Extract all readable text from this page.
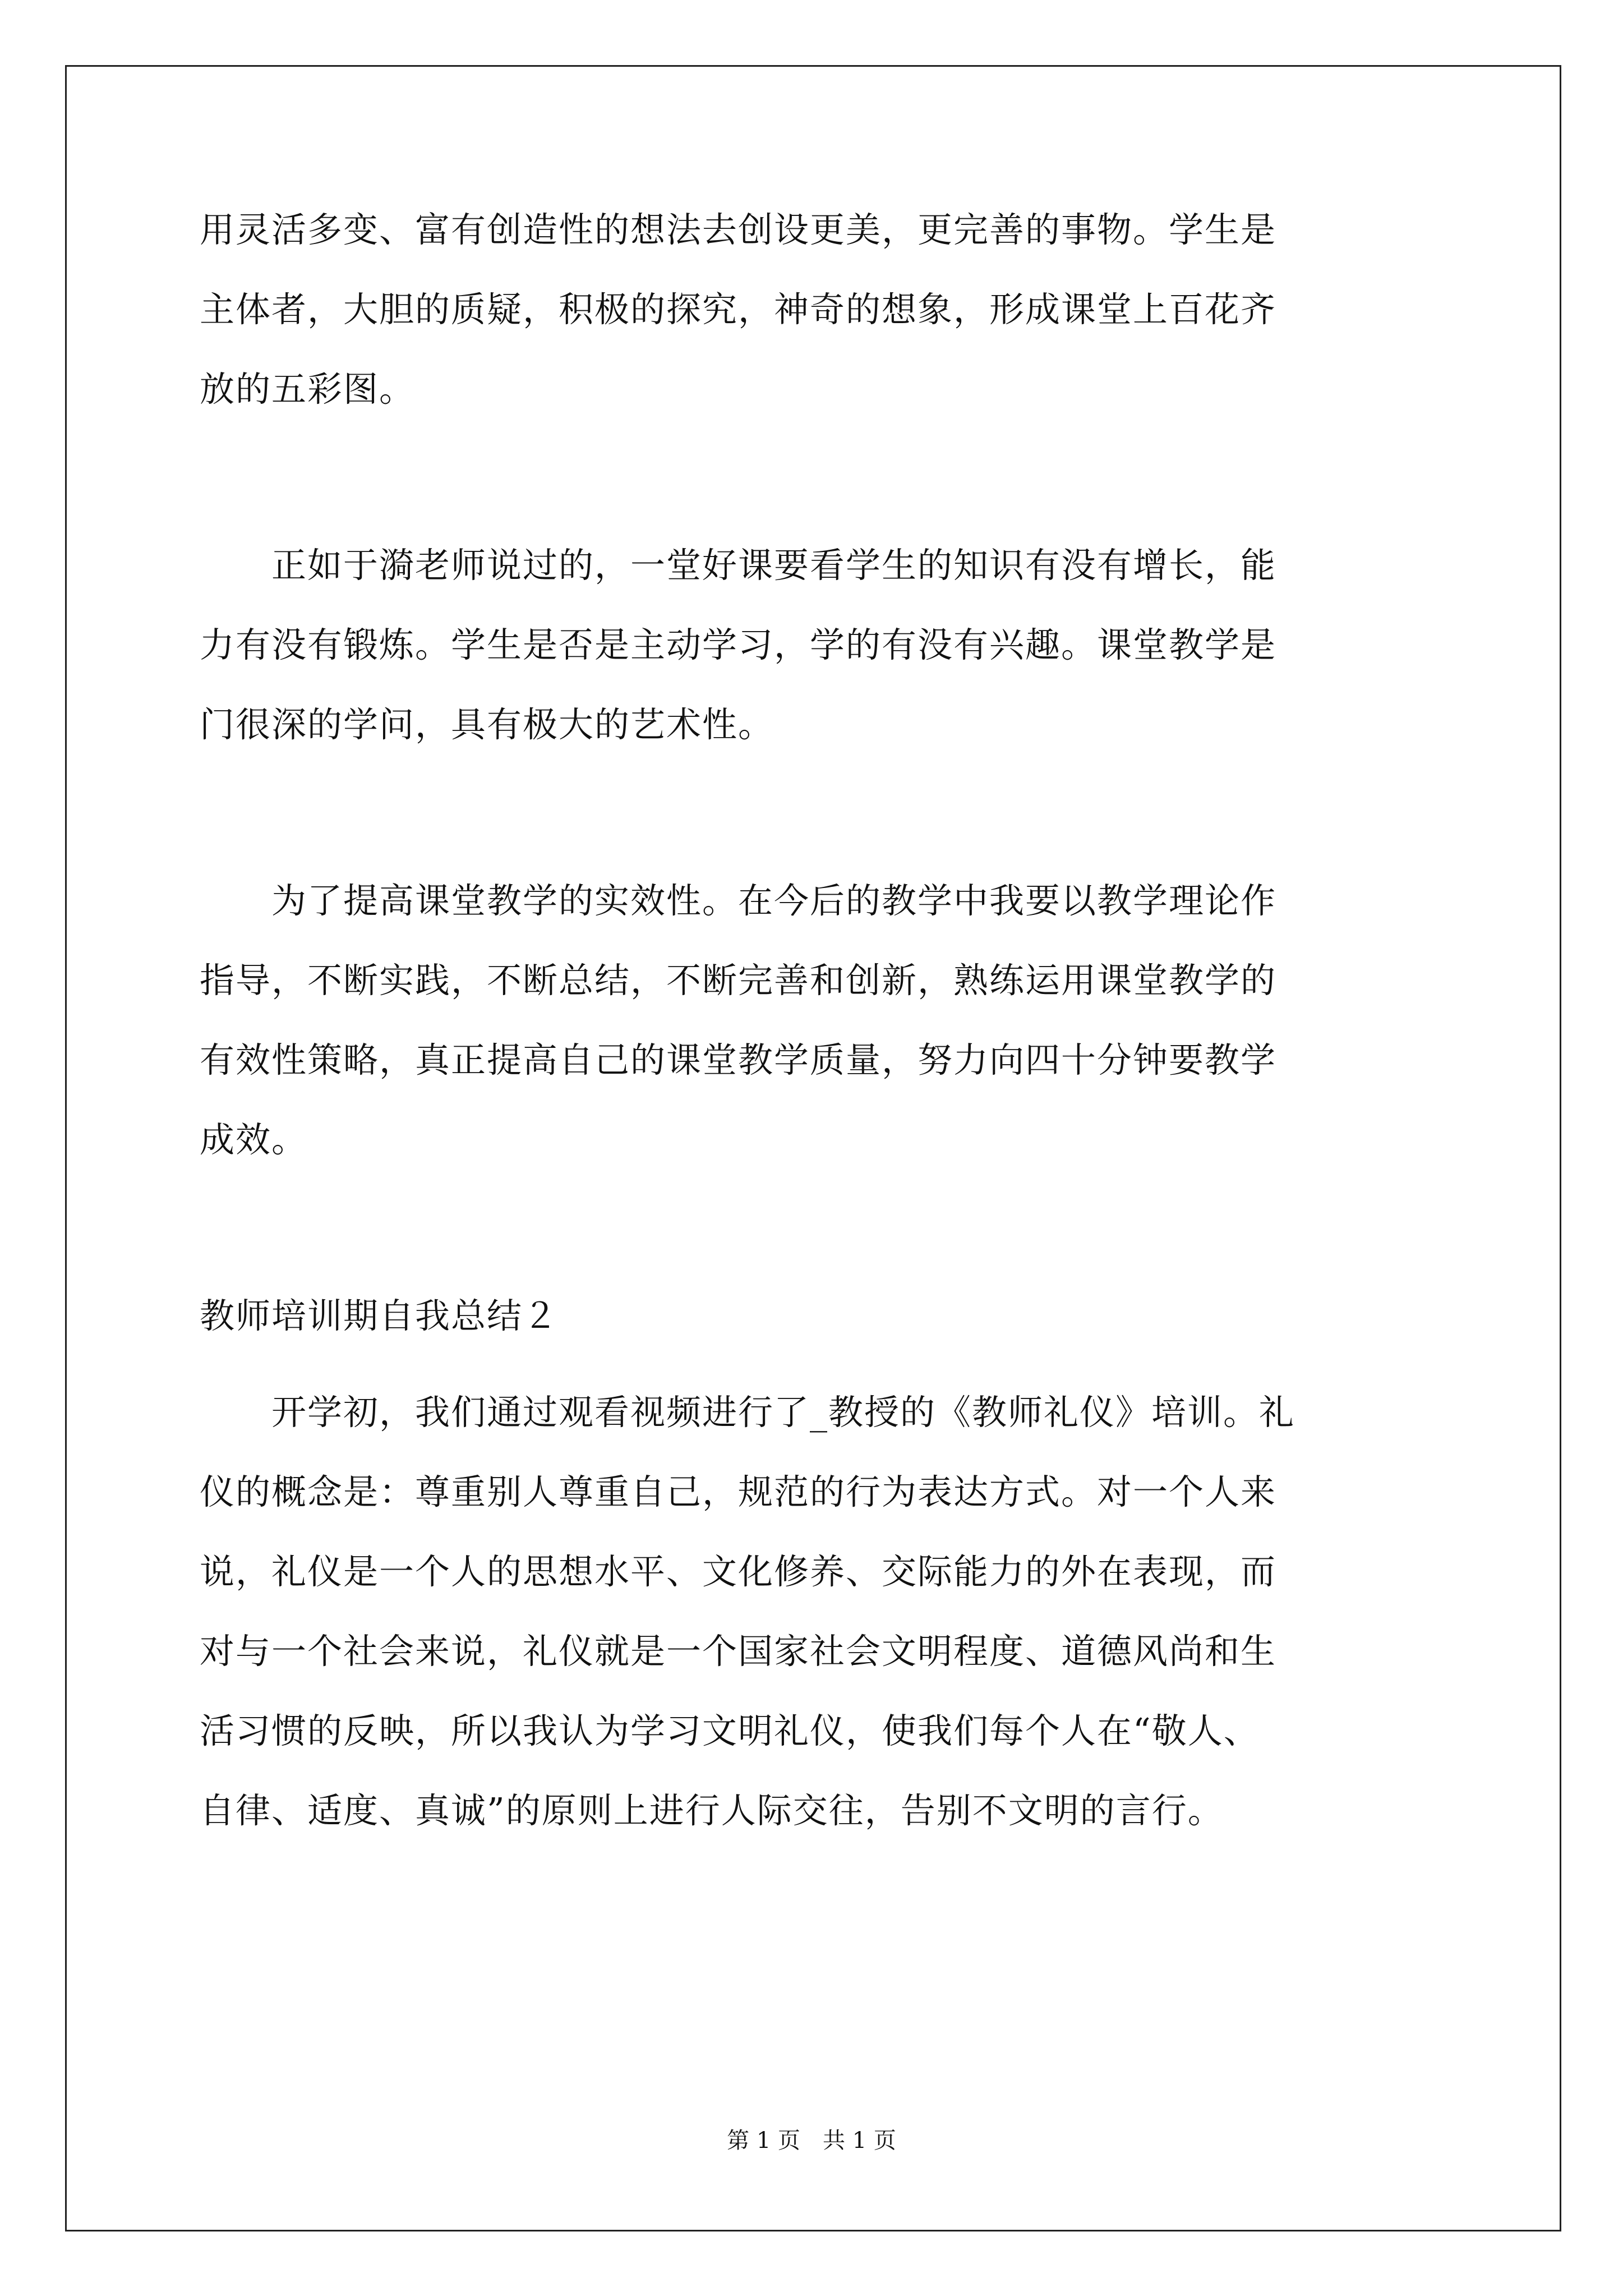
用灵活多变、富有创造性的想法去创设更美，更完善的事物。学生是
主体者，大胆的质疑，积极的探究，神奇的想象，形成课堂上百花齐
放的五彩图。
　　正如于漪老师说过的，一堂好课要看学生的知识有没有增长，能
力有没有锻炼。学生是否是主动学习，学的有没有兴趣。课堂教学是
门很深的学问，具有极大的艺术性。
　　为了提高课堂教学的实效性。在今后的教学中我要以教学理论作
指导，不断实践，不断总结，不断完善和创新，熟练运用课堂教学的
有效性策略，真正提高自己的课堂教学质量，努力向四十分钟要教学
成效。
教师培训期自我总结２
　　开学初，我们通过观看视频进行了_教授的《教师礼仪》培训。礼
仪的概念是：尊重别人尊重自己，规范的行为表达方式。对一个人来
说，礼仪是一个人的思想水平、文化修养、交际能力的外在表现，而
对与一个社会来说，礼仪就是一个国家社会文明程度、道德风尚和生
活习惯的反映，所以我认为学习文明礼仪，使我们每个人在“敬人、
自律、适度、真诚”的原则上进行人际交往，告别不文明的言行。
第 1 页　共 1 页
